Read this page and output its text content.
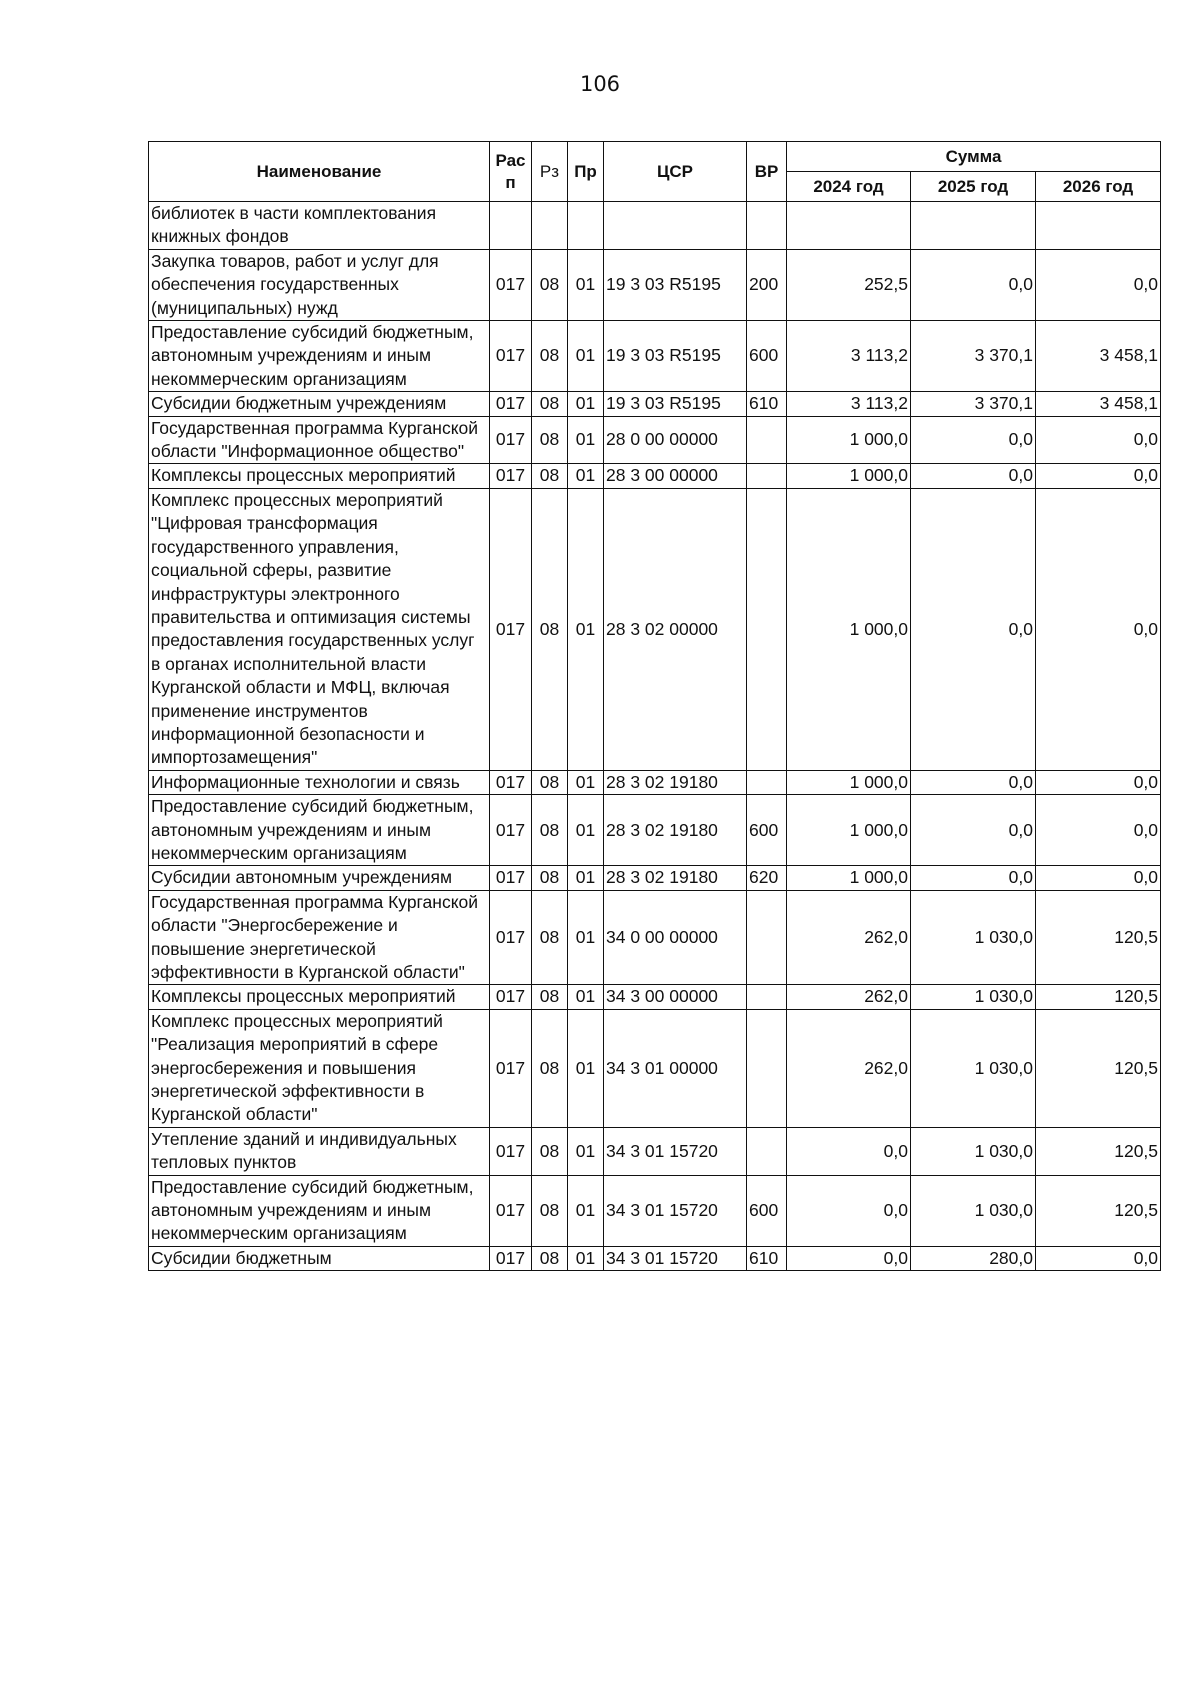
106
Наименование	Рас п	Рз	Пр	ЦСР	ВР	Сумма		
						2024 год	2025 год	2026 год
библиотек в части комплектования книжных фондов								
Закупка товаров, работ и услуг для обеспечения государственных (муниципальных) нужд	017	08	01	19 3 03 R5195	200	252,5	0,0	0,0
Предоставление субсидий бюджетным, автономным учреждениям и иным некоммерческим организациям	017	08	01	19 3 03 R5195	600	3 113,2	3 370,1	3 458,1
Субсидии бюджетным учреждениям	017	08	01	19 3 03 R5195	610	3 113,2	3 370,1	3 458,1
Государственная программа Курганской области "Информационное общество"	017	08	01	28 0 00 00000		1 000,0	0,0	0,0
Комплексы процессных мероприятий	017	08	01	28 3 00 00000		1 000,0	0,0	0,0
Комплекс процессных мероприятий "Цифровая трансформация государственного управления, социальной сферы, развитие инфраструктуры электронного правительства и оптимизация системы предоставления государственных услуг в органах исполнительной власти Курганской области и МФЦ, включая применение инструментов информационной безопасности и импортозамещения"	017	08	01	28 3 02 00000		1 000,0	0,0	0,0
Информационные технологии и связь	017	08	01	28 3 02 19180		1 000,0	0,0	0,0
Предоставление субсидий бюджетным, автономным учреждениям и иным некоммерческим организациям	017	08	01	28 3 02 19180	600	1 000,0	0,0	0,0
Субсидии автономным учреждениям	017	08	01	28 3 02 19180	620	1 000,0	0,0	0,0
Государственная программа Курганской области "Энергосбережение и повышение энергетической эффективности в Курганской области"	017	08	01	34 0 00 00000		262,0	1 030,0	120,5
Комплексы процессных мероприятий	017	08	01	34 3 00 00000		262,0	1 030,0	120,5
Комплекс процессных мероприятий "Реализация мероприятий в сфере энергосбережения и повышения энергетической эффективности в Курганской области"	017	08	01	34 3 01 00000		262,0	1 030,0	120,5
Утепление зданий и индивидуальных тепловых пунктов	017	08	01	34 3 01 15720		0,0	1 030,0	120,5
Предоставление субсидий бюджетным, автономным учреждениям и иным некоммерческим организациям	017	08	01	34 3 01 15720	600	0,0	1 030,0	120,5
Субсидии бюджетным	017	08	01	34 3 01 15720	610	0,0	280,0	0,0
